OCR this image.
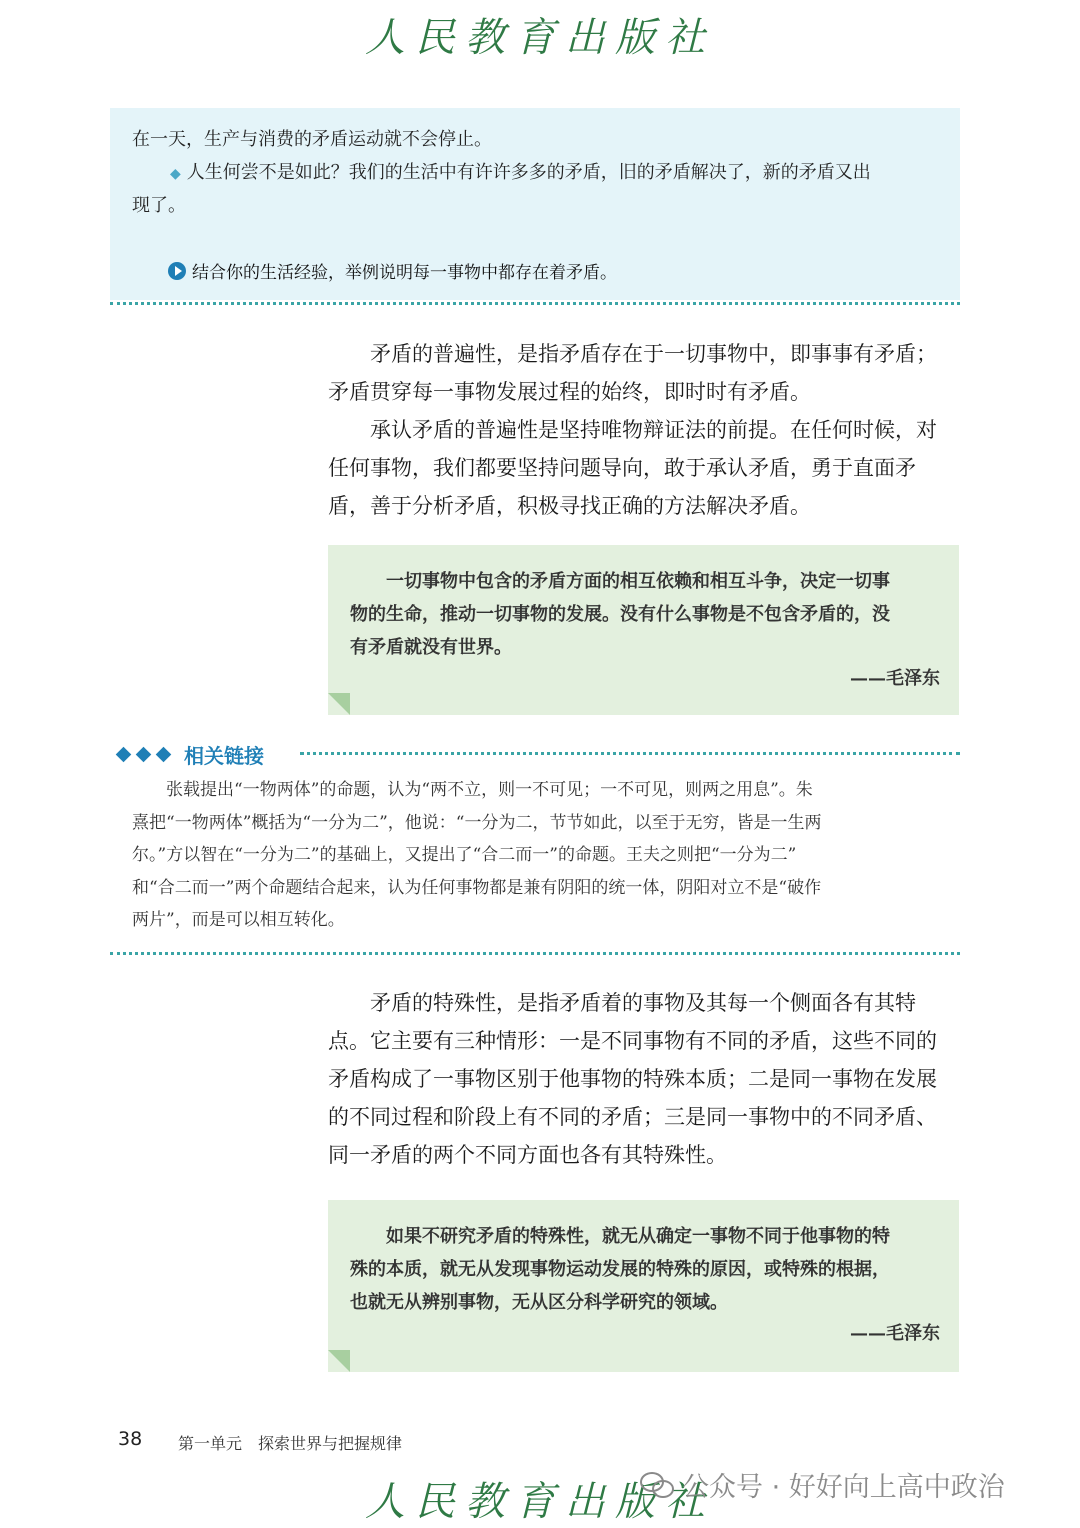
人民教育出版社
在一天，生产与消费的矛盾运动就不会停止。
◆ 人生何尝不是如此？我们的生活中有许许多多的矛盾，旧的矛盾解决了，新的矛盾又出
现了。
结合你的生活经验，举例说明每一事物中都存在着矛盾。

矛盾的普遍性，是指矛盾存在于一切事物中，即事事有矛盾；

矛盾贯穿每一事物发展过程的始终，即时时有矛盾。

承认矛盾的普遍性是坚持唯物辩证法的前提。在任何时候，对

任何事物，我们都要坚持问题导向，敢于承认矛盾，勇于直面矛
盾，善于分析矛盾，积极寻找正确的方法解决矛盾。
一切事物中包含的矛盾方面的相互依赖和相互斗争，决定一切事
物的生命，推动一切事物的发展。没有什么事物是不包含矛盾的，没
有矛盾就没有世界。
——毛泽东
相关链接

张载提出“一物两体”的命题，认为“两不立，则一不可见；一不可见，则两之用息”。朱

熹把“一物两体”概括为“一分为二”，他说：“一分为二，节节如此，以至于无穷，皆是一生两
尔。”方以智在“一分为二”的基础上，又提出了“合二而一”的命题。王夫之则把“一分为二”
和“合二而一”两个命题结合起来，认为任何事物都是兼有阴阳的统一体，阴阳对立不是“破作
两片”，而是可以相互转化。

矛盾的特殊性，是指矛盾着的事物及其每一个侧面各有其特

点。它主要有三种情形：一是不同事物有不同的矛盾，这些不同的
矛盾构成了一事物区别于他事物的特殊本质；二是同一事物在发展
的不同过程和阶段上有不同的矛盾；三是同一事物中的不同矛盾、
同一矛盾的两个不同方面也各有其特殊性。
如果不研究矛盾的特殊性，就无从确定一事物不同于他事物的特
殊的本质，就无从发现事物运动发展的特殊的原因，或特殊的根据，
也就无从辨别事物，无从区分科学研究的领域。
——毛泽东
38 第一单元　探索世界与把握规律
人民教育出版社
公众号 · 好好向上高中政治
